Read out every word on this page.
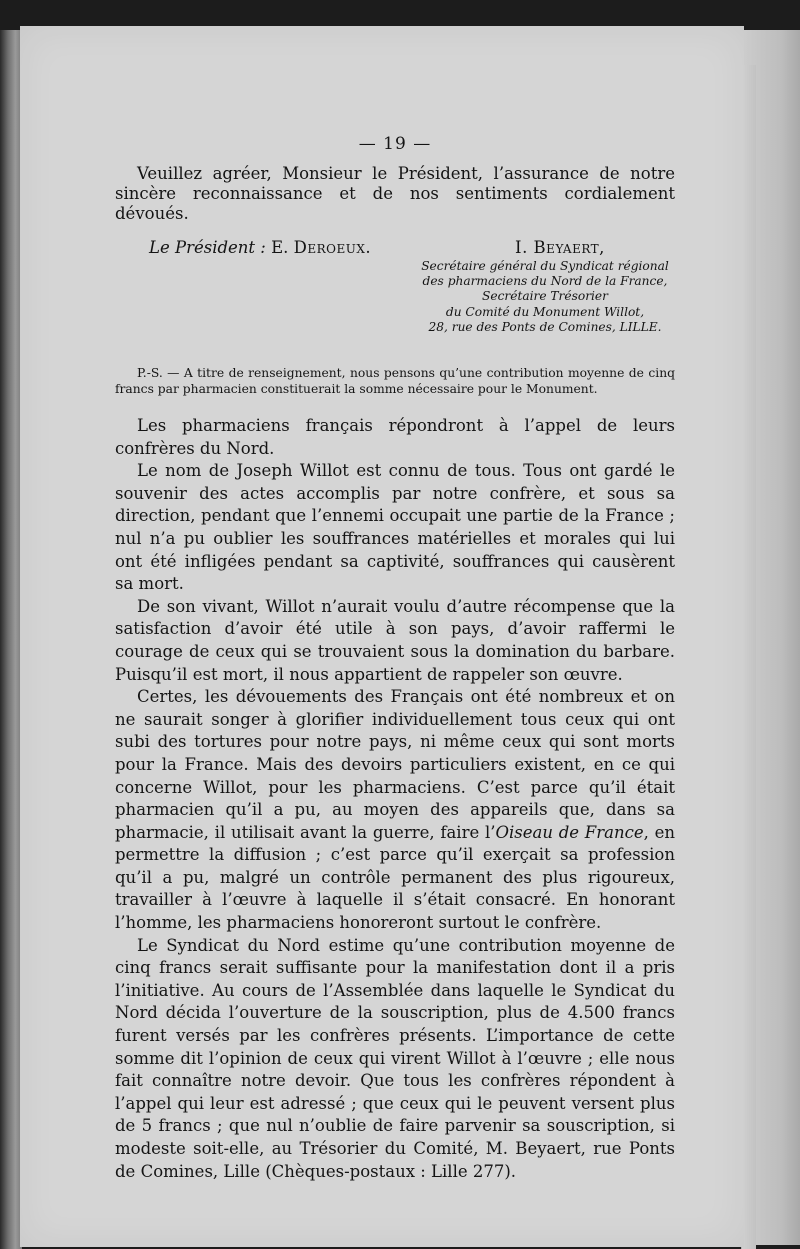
— 19 —

Veuillez agréer, Monsieur le Président, l’assurance de notre sincère reconnaissance et de nos sentiments cordialement dévoués.

Le Président : E. Deroeux.	I. Beyaert,
Secrétaire général du Syndicat régional
des pharmaciens du Nord de la France,
Secrétaire Trésorier
du Comité du Monument Willot,
28, rue des Ponts de Comines, LILLE.

P.-S. — A titre de renseignement, nous pensons qu’une contribution moyenne de cinq francs par pharmacien constituerait la somme nécessaire pour le Monument.

Les pharmaciens français répondront à l’appel de leurs confrères du Nord.

Le nom de Joseph Willot est connu de tous. Tous ont gardé le souvenir des actes accomplis par notre confrère, et sous sa direction, pendant que l’ennemi occupait une partie de la France ; nul n’a pu oublier les souffrances matérielles et morales qui lui ont été infligées pendant sa captivité, souffrances qui causèrent sa mort.

De son vivant, Willot n’aurait voulu d’autre récompense que la satisfaction d’avoir été utile à son pays, d’avoir raffermi le courage de ceux qui se trouvaient sous la domination du barbare. Puisqu’il est mort, il nous appartient de rappeler son œuvre.

Certes, les dévouements des Français ont été nombreux et on ne saurait songer à glorifier individuellement tous ceux qui ont subi des tortures pour notre pays, ni même ceux qui sont morts pour la France. Mais des devoirs particuliers existent, en ce qui concerne Willot, pour les pharmaciens. C’est parce qu’il était pharmacien qu’il a pu, au moyen des appareils que, dans sa pharmacie, il utilisait avant la guerre, faire l’Oiseau de France, en permettre la diffusion ; c’est parce qu’il exerçait sa profession qu’il a pu, malgré un contrôle permanent des plus rigoureux, travailler à l’œuvre à laquelle il s’était consacré. En honorant l’homme, les pharmaciens honoreront surtout le confrère.

Le Syndicat du Nord estime qu’une contribution moyenne de cinq francs serait suffisante pour la manifestation dont il a pris l’initiative. Au cours de l’Assemblée dans laquelle le Syndicat du Nord décida l’ouverture de la souscription, plus de 4.500 francs furent versés par les confrères présents. L’importance de cette somme dit l’opinion de ceux qui virent Willot à l’œuvre ; elle nous fait connaître notre devoir. Que tous les confrères répondent à l’appel qui leur est adressé ; que ceux qui le peuvent versent plus de 5 francs ; que nul n’oublie de faire parvenir sa souscription, si modeste soit-elle, au Trésorier du Comité, M. Beyaert, rue Ponts de Comines, Lille (Chèques-postaux : Lille 277).
